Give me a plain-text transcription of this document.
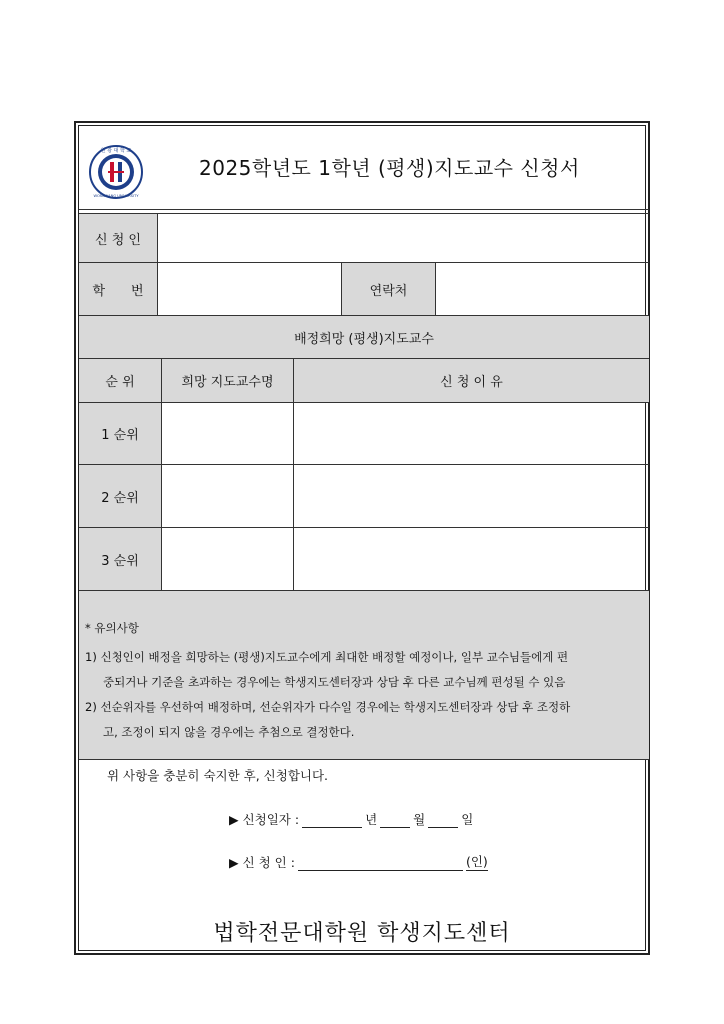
원 광 대 학 교
WONKWANG UNIVERSITY
2025학년도 1학년 (평생)지도교수 신청서
신 청 인
학　　번	연락처
배정희망 (평생)지도교수
순 위	희망 지도교수명	신 청 이 유
1 순위
2 순위
3 순위
* 유의사항
1) 신청인이 배정을 희망하는 (평생)지도교수에게 최대한 배정할 예정이나, 일부 교수님들에게 편
중되거나 기준을 초과하는 경우에는 학생지도센터장과 상담 후 다른 교수님께 편성될 수 있음
2) 선순위자를 우선하여 배정하며, 선순위자가 다수일 경우에는 학생지도센터장과 상담 후 조정하
고, 조정이 되지 않을 경우에는 추첨으로 결정한다.
위 사항을 충분히 숙지한 후, 신청합니다.
▶ 신청일자 :	년	월	일
▶ 신 청 인 :	(인)
법학전문대학원 학생지도센터
